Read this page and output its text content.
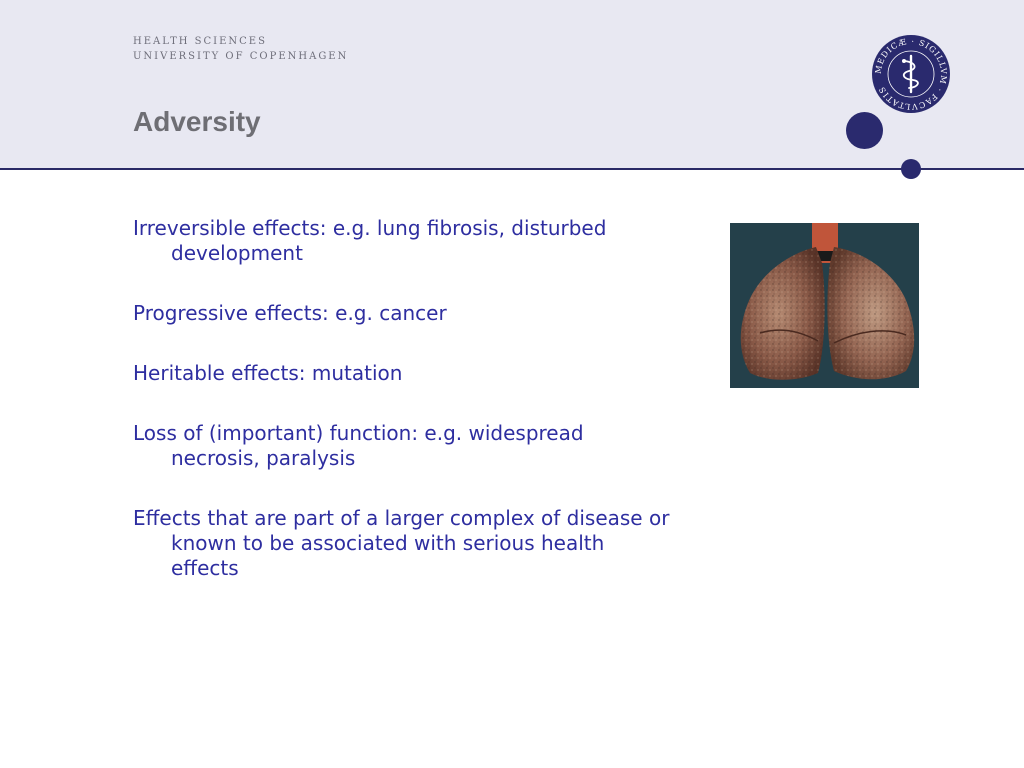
HEALTH SCIENCES
UNIVERSITY OF COPENHAGEN
Adversity
MEDICÆ · SIGILLVM · FACVLTATIS
Irreversible effects: e.g. lung fibrosis, disturbed development
Progressive effects: e.g. cancer
Heritable effects: mutation
Loss of (important) function: e.g. widespread necrosis, paralysis
Effects that are part of a larger complex of disease or known to be associated with serious health effects
